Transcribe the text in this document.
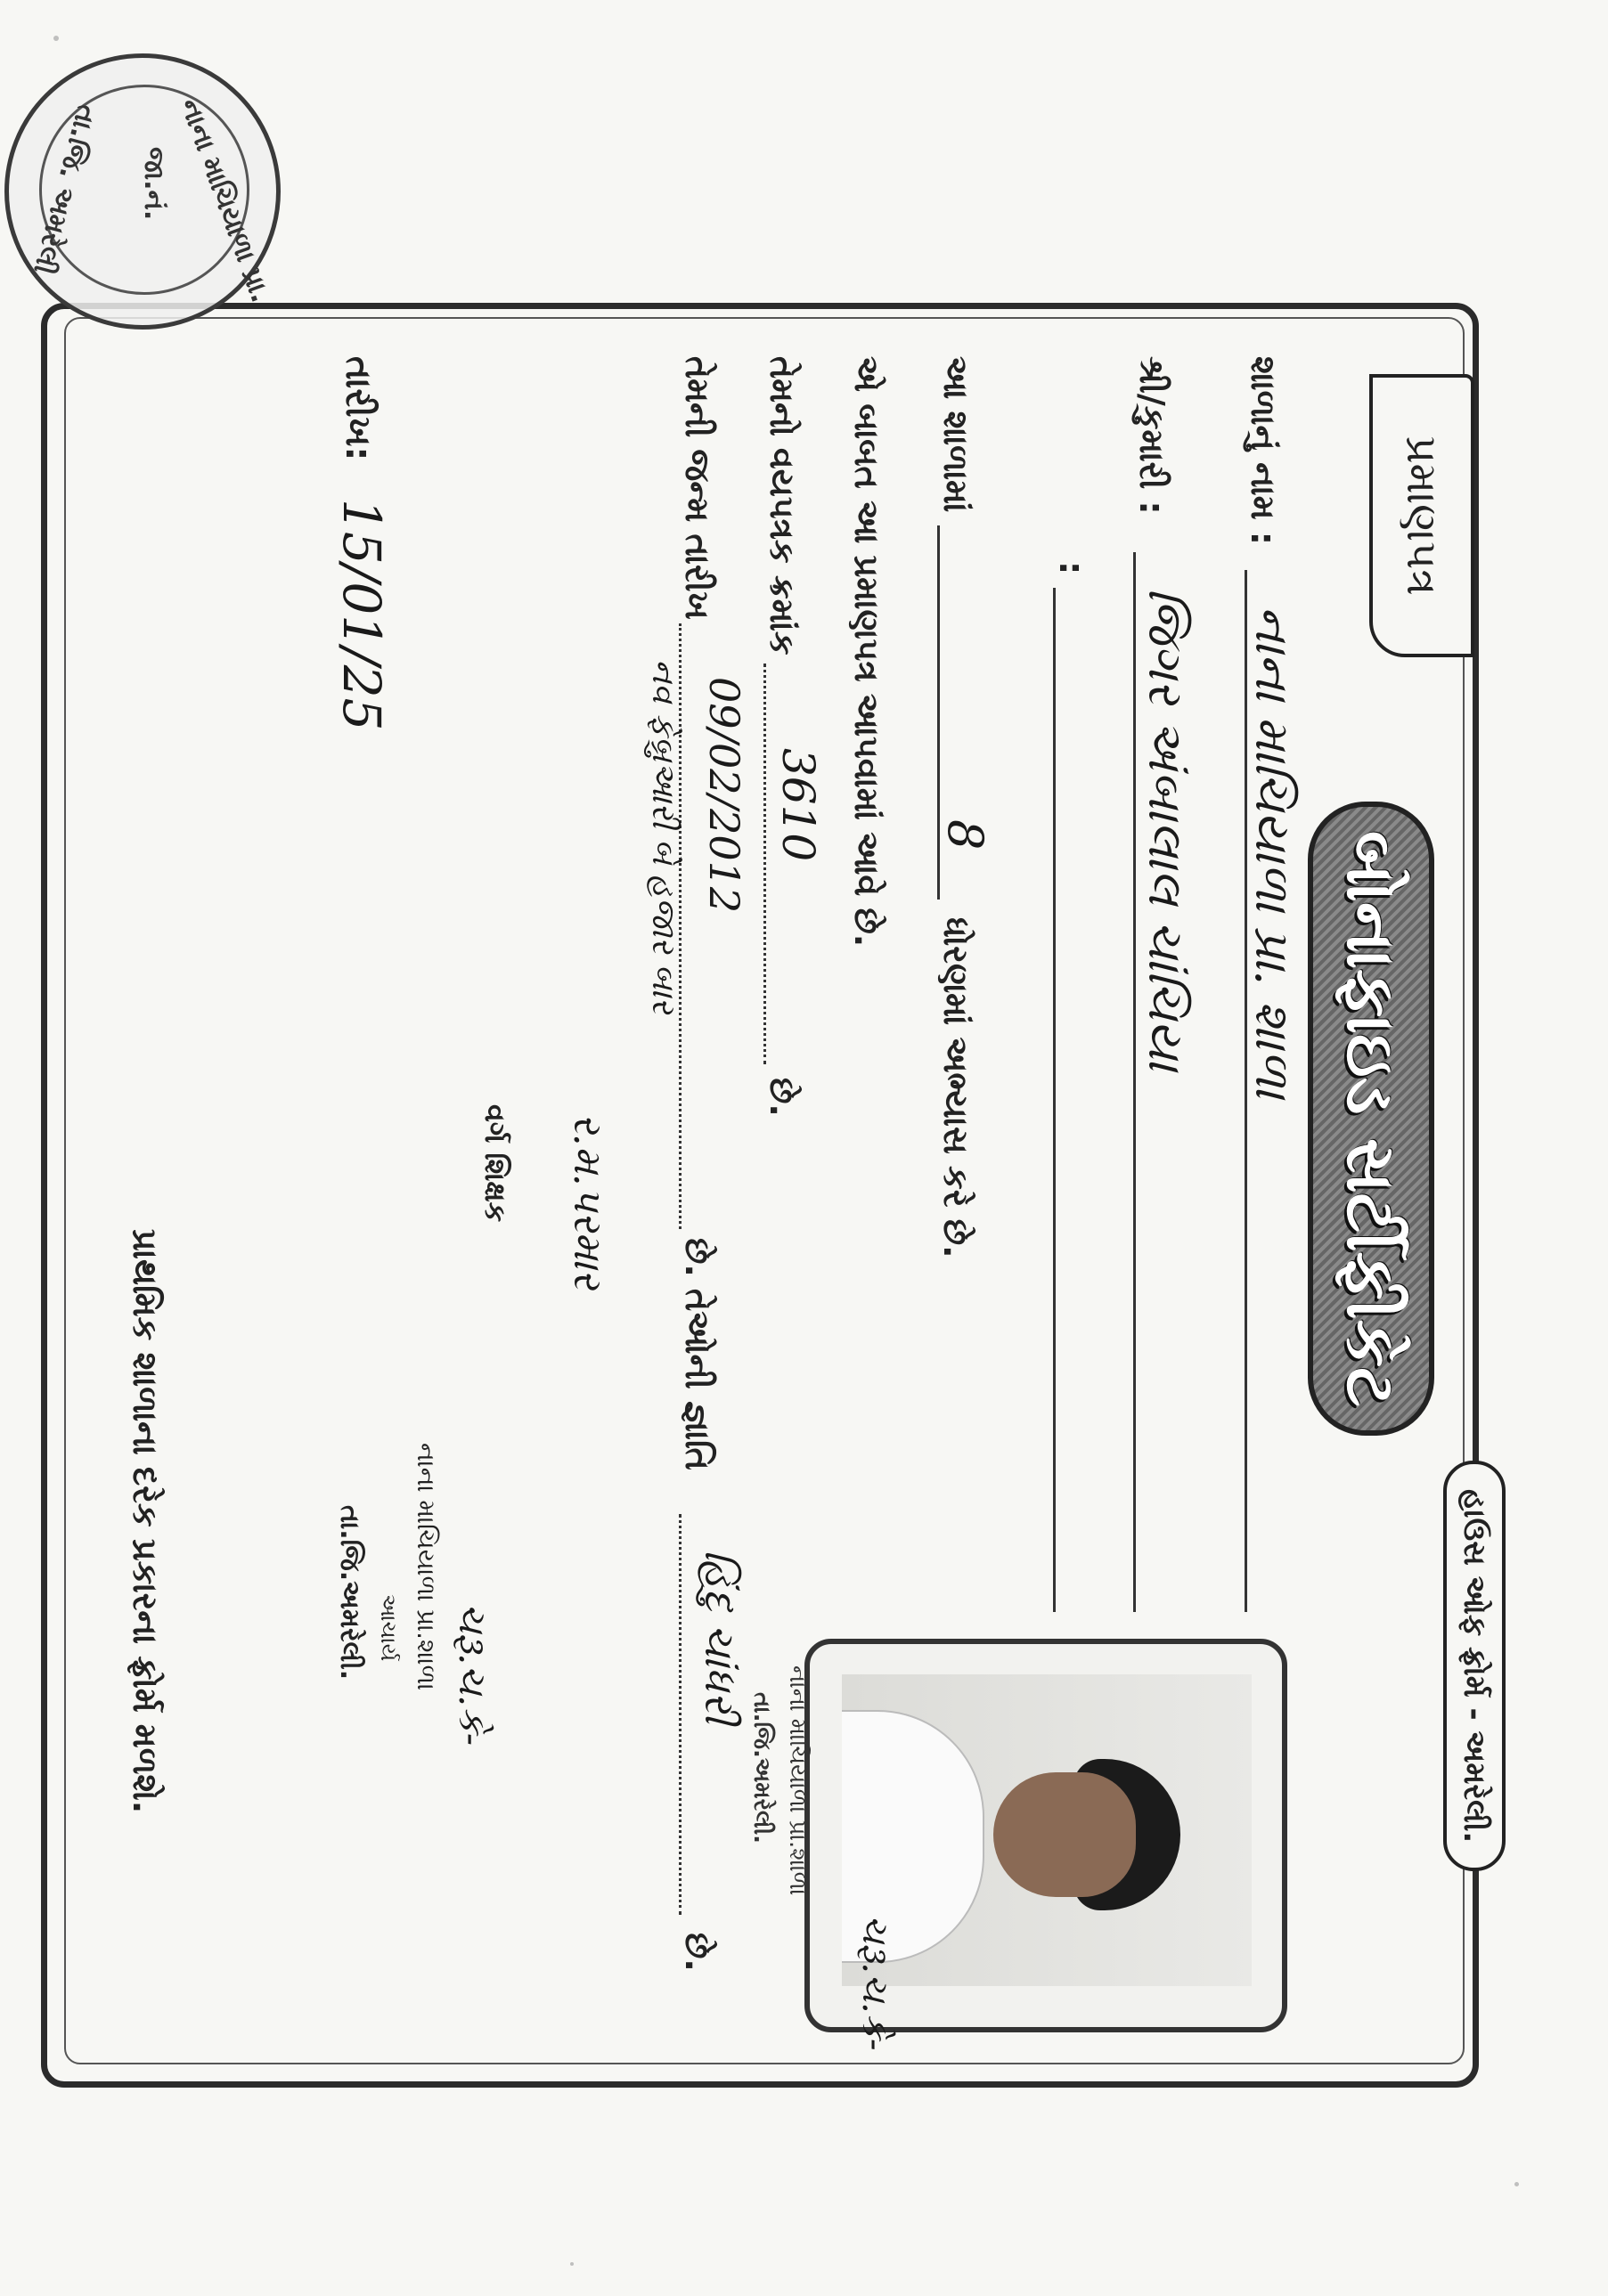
હાઉસ ઓફ ફ્રોર્મ - અમરેલી.
પ્રમાણપત્ર
બોનાફાઇડ સર્ટીફીકેટ
નાના માચિયાળા પ્રા.
જા.નં.
તા.જિ. અમરેલી
શાળાનું નામ :
નાના માચિયાળા પ્રા. શાળા
શ્રી/કુમારી :
જિગર અંબાલાલ ચાંચિયા
:
આ શાળામાં
8
ધોરણમાં અભ્યાસ કરે છે.
એ બાબત આ પ્રમાણપત્ર આપવામાં આવે છે.
તેમનો વયપત્રક ક્રમાંક
3610
છે.
તેમની જન્મ તારીખ
09/02/2012
નવ ફેબ્રુઆરી બે હજાર બાર
છે. તેઓની જ્ઞાતિ
હિંદુ ચાંધરી
છે.
ર.મ.પરમાર
વર્ગ શિક્ષક
ચરૂ.ચ.કે-
નાના માચિયાળા પ્રા.શાળા
આચાર્ય
તા.જિ.અમરેલી.
તારીખ:
15/01/25
નાના માચિયાળા પ્રા.શાળા
તા.જિ.અમરેલી.
ચરૂ.ચ.કે-
પ્રાથમિક શાળાના દરેક પ્રકારના ફ્રોર્મ મળશે.
